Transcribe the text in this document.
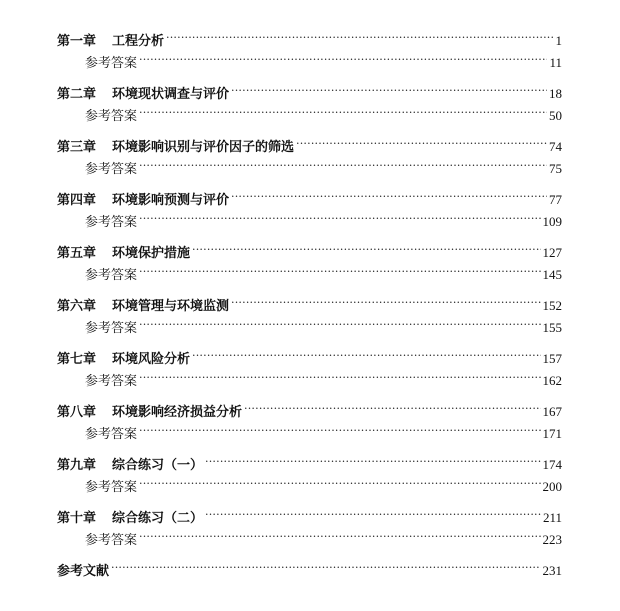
第一章 工程分析 .....	1
参考答案 .....	11
第二章 环境现状调查与评价 .....	18
参考答案 .....	50
第三章 环境影响识别与评价因子的筛选 .....	74
参考答案 .....	75
第四章 环境影响预测与评价 .....	77
参考答案 .....	109
第五章 环境保护措施 .....	127
参考答案 .....	145
第六章 环境管理与环境监测 .....	152
参考答案 .....	155
第七章 环境风险分析 .....	157
参考答案 .....	162
第八章 环境影响经济损益分析 .....	167
参考答案 .....	171
第九章 综合练习（一） .....	174
参考答案 .....	200
第十章 综合练习（二） .....	211
参考答案 .....	223
参考文献 .....	231
